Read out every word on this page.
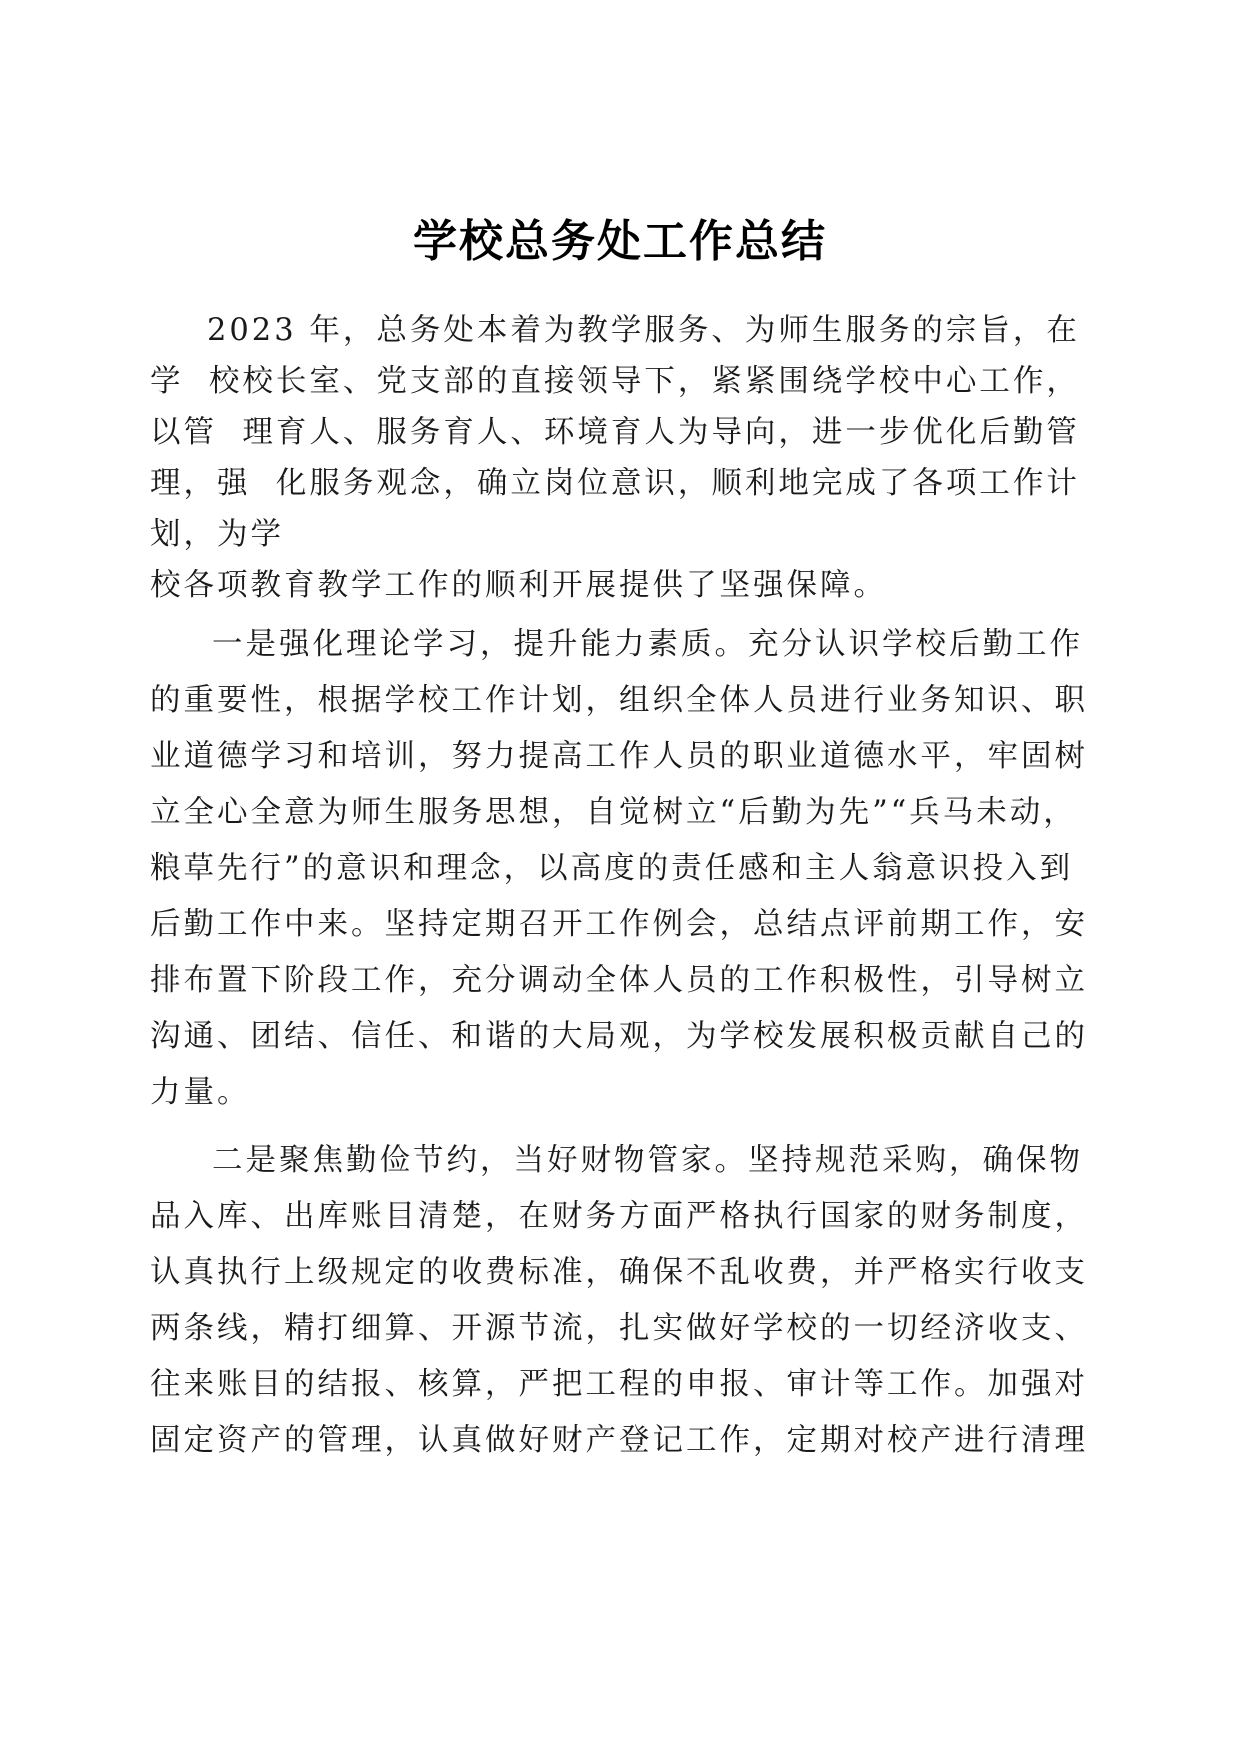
学校总务处工作总结
2023 年，总务处本着为教学服务、为师生服务的宗旨，在
学  校校长室、党支部的直接领导下，紧紧围绕学校中心工作，
以管  理育人、服务育人、环境育人为导向，进一步优化后勤管
理，强  化服务观念，确立岗位意识，顺利地完成了各项工作计
划，为学
校各项教育教学工作的顺利开展提供了坚强保障。
一是强化理论学习，提升能力素质。充分认识学校后勤工作
的重要性，根据学校工作计划，组织全体人员进行业务知识、职
业道德学习和培训，努力提高工作人员的职业道德水平，牢固树
立全心全意为师生服务思想，自觉树立“后勤为先”“兵马未动，
粮草先行”的意识和理念，以高度的责任感和主人翁意识投入到
后勤工作中来。坚持定期召开工作例会，总结点评前期工作，安
排布置下阶段工作，充分调动全体人员的工作积极性，引导树立
沟通、团结、信任、和谐的大局观，为学校发展积极贡献自己的
力量。
二是聚焦勤俭节约，当好财物管家。坚持规范采购，确保物
品入库、出库账目清楚，在财务方面严格执行国家的财务制度，
认真执行上级规定的收费标准，确保不乱收费，并严格实行收支
两条线，精打细算、开源节流，扎实做好学校的一切经济收支、
往来账目的结报、核算，严把工程的申报、审计等工作。加强对
固定资产的管理，认真做好财产登记工作，定期对校产进行清理
